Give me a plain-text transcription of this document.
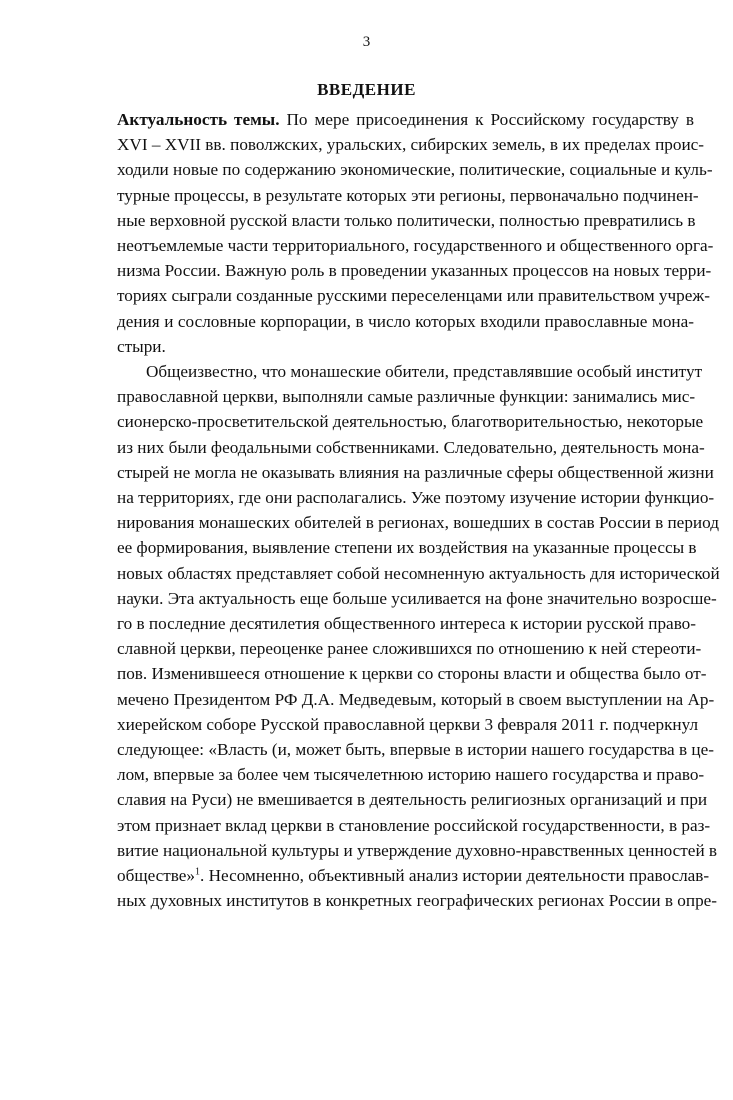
3
ВВЕДЕНИЕ
Актуальность темы. По мере присоединения к Российскому государству в
XVI – XVII вв. поволжских, уральских, сибирских земель, в их пределах проис-
ходили новые по содержанию экономические, политические, социальные и куль-
турные процессы, в результате которых эти регионы, первоначально подчинен-
ные верховной русской власти только политически, полностью превратились в
неотъемлемые части территориального, государственного и общественного орга-
низма России. Важную роль в проведении указанных процессов на новых терри-
ториях сыграли созданные русскими переселенцами или правительством учреж-
дения и сословные корпорации, в число которых входили православные мона-
стыри.
Общеизвестно, что монашеские обители, представлявшие особый институт
православной церкви, выполняли самые различные функции: занимались мис-
сионерско-просветительской деятельностью, благотворительностью, некоторые
из них были феодальными собственниками. Следовательно, деятельность мона-
стырей не могла не оказывать влияния на различные сферы общественной жизни
на территориях, где они располагались. Уже поэтому изучение истории функцио-
нирования монашеских обителей в регионах, вошедших в состав России в период
ее формирования, выявление степени их воздействия на указанные процессы в
новых областях представляет собой несомненную актуальность для исторической
науки. Эта актуальность еще больше усиливается на фоне значительно возросше-
го в последние десятилетия общественного интереса к истории русской право-
славной церкви, переоценке ранее сложившихся по отношению к ней стереоти-
пов. Изменившееся отношение к церкви со стороны власти и общества было от-
мечено Президентом РФ Д.А. Медведевым, который в своем выступлении на Ар-
хиерейском соборе Русской православной церкви 3 февраля 2011 г. подчеркнул
следующее: «Власть (и, может быть, впервые в истории нашего государства в це-
лом, впервые за более чем тысячелетнюю историю нашего государства и право-
славия на Руси) не вмешивается в деятельность религиозных организаций и при
этом признает вклад церкви в становление российской государственности, в раз-
витие национальной культуры и утверждение духовно-нравственных ценностей в
обществе»$^1$. Несомненно, объективный анализ истории деятельности православ-
ных духовных институтов в конкретных географических регионах России в опре-
